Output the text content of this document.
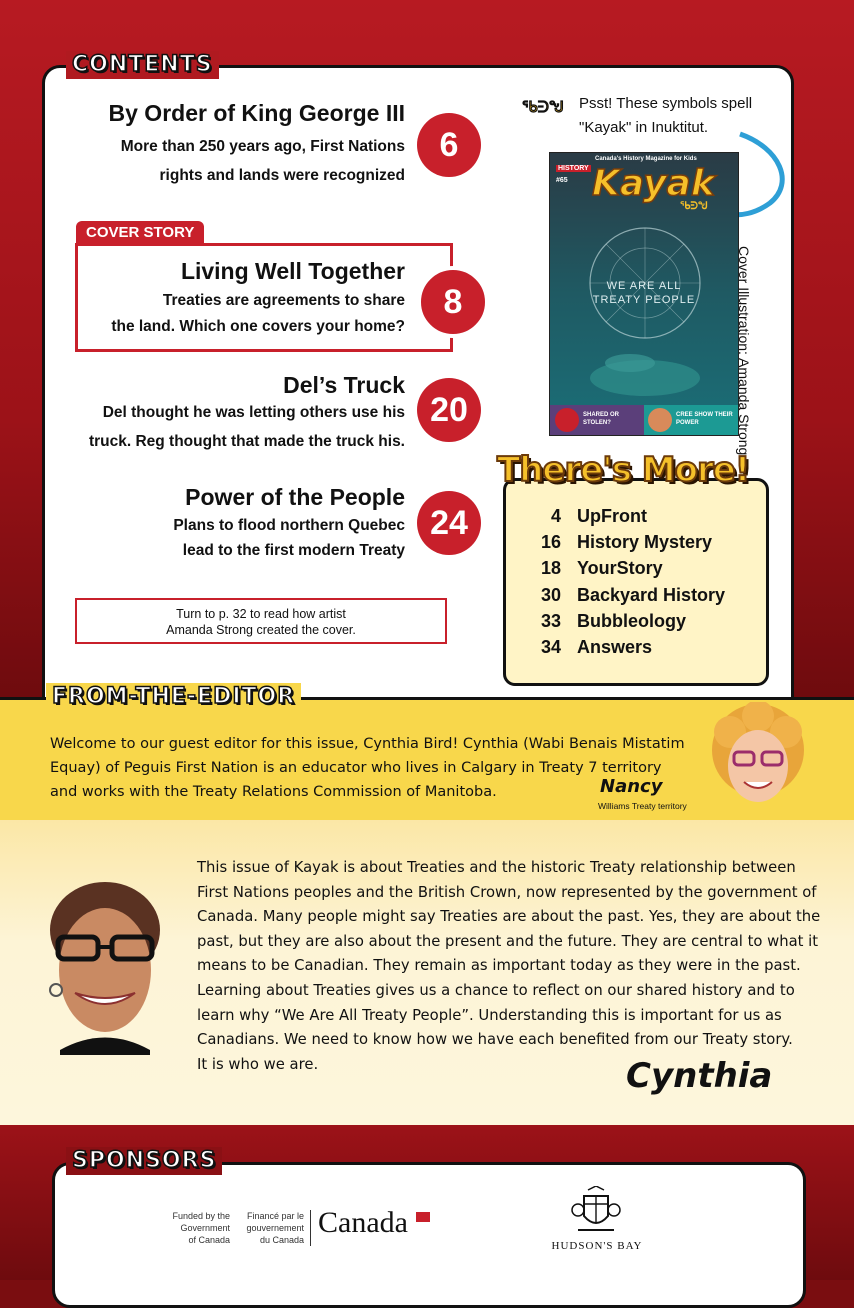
CONTENTS
By Order of King George III
More than 250 years ago, First Nations
rights and lands were recognized
6
COVER STORY
Living Well Together
Treaties are agreements to share
the land. Which one covers your home?
8
Del’s Truck
Del thought he was letting others use his
truck. Reg thought that made the truck his.
20
Power of the People
Plans to flood northern Quebec
lead to the first modern Treaty
24
Turn to p. 32 to read how artist
Amanda Strong created the cover.
ᖃᕭᖑ Psst! These symbols spell
"Kayak" in Inuktitut.
Canada's History Magazine for Kids
HISTORY
#65 Kayak
ᖃᕭᖑ
WE ARE ALL
TREATY PEOPLE
SHARED OR STOLEN?
CREE SHOW THEIR POWER	Cover Illustration: Amanda Strong
There's More!
4 UpFront
16 History Mystery
18 YourStory
30 Backyard History
33 Bubbleology
34 Answers
FROM-THE-EDITOR
Welcome to our guest editor for this issue, Cynthia Bird! Cynthia (Wabi Benais Mistatim
Equay) of Peguis First Nation is an educator who lives in Calgary in Treaty 7 territory
and works with the Treaty Relations Commission of Manitoba.	Nancy
Williams Treaty territory
This issue of Kayak is about Treaties and the historic Treaty relationship between
First Nations peoples and the British Crown, now represented by the government of
Canada. Many people might say Treaties are about the past. Yes, they are about the
past, but they are also about the present and the future. They are central to what it
means to be Canadian. They remain as important today as they were in the past.
Learning about Treaties gives us a chance to reflect on our shared history and to
learn why “We Are All Treaty People”. Understanding this is important for us as
Canadians. We need to know how we have each benefited from our Treaty story.
It is who we are.	Cynthia
SPONSORS
Funded by the
Government
of Canada
Financé par le
gouvernement
du Canada
Canada
HUDSON'S BAY
